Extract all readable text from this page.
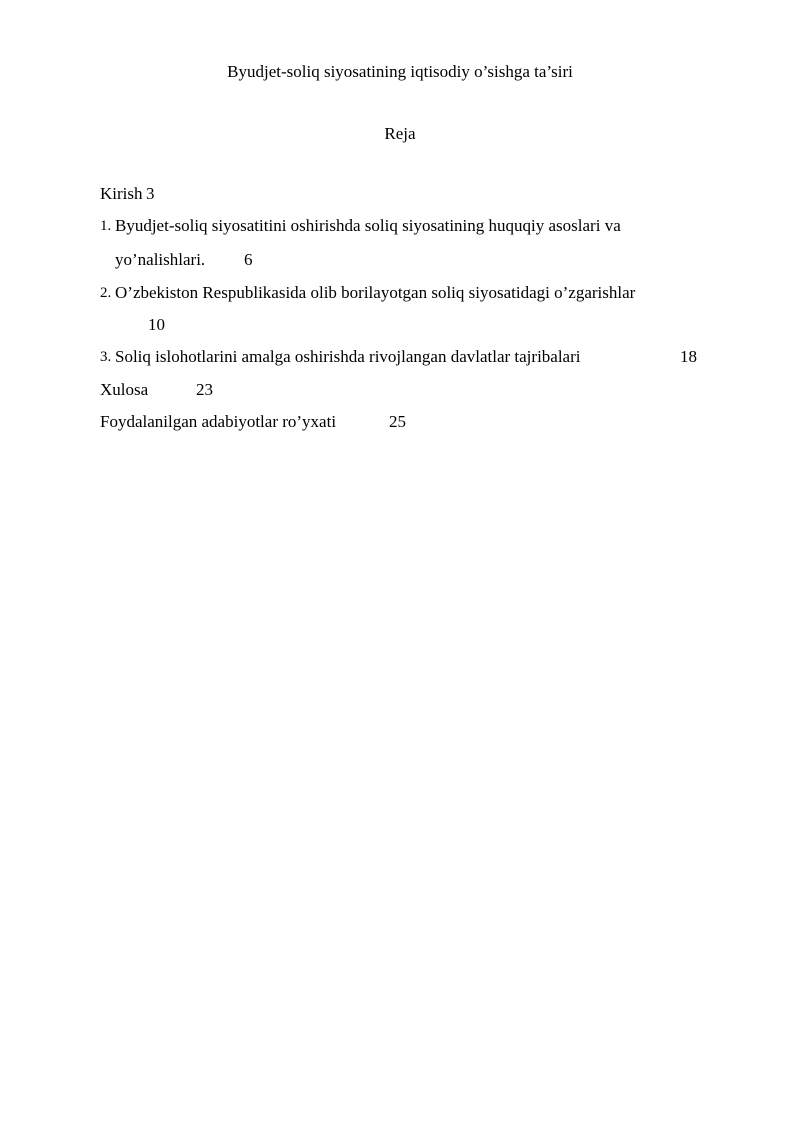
Byudjet-soliq siyosatining iqtisodiy o’sishga ta’siri
Reja
Kirish 3
1. Byudjet-soliq siyosatitini oshirishda soliq siyosatining huquqiy asoslari va
yo’nalishlari. 6
2. O’zbekiston Respublikasida olib borilayotgan soliq siyosatidagi o’zgarishlar
10
3. Soliq islohotlarini amalga oshirishda rivojlangan davlatlar tajribalari	18
Xulosa	23
Foydalanilgan adabiyotlar ro’yxati	25
